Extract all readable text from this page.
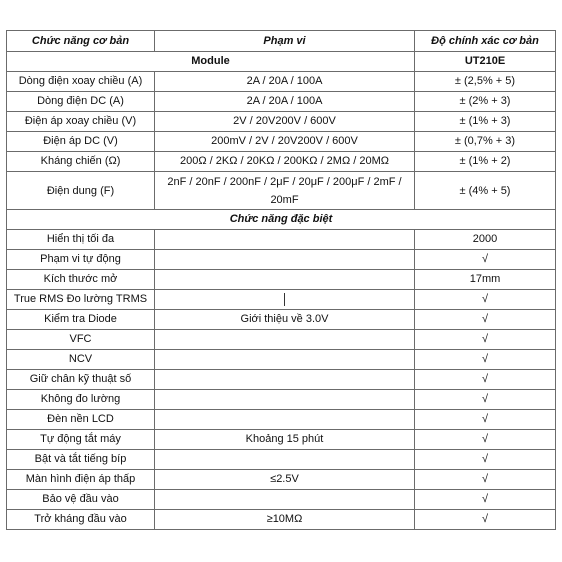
Chức năng cơ bản	Phạm vi	Độ chính xác cơ bản
Module		UT210E
Dòng điện xoay chiều (A)	2A / 20A / 100A	± (2,5% + 5)
Dòng điện DC (A)	2A / 20A / 100A	± (2% + 3)
Điện áp xoay chiều (V)	2V / 20V200V / 600V	± (1% + 3)
Điện áp DC (V)	200mV / 2V / 20V200V / 600V	± (0,7% + 3)
Kháng chiến (Ω)	200Ω / 2KΩ / 20KΩ / 200KΩ / 2MΩ / 20MΩ	± (1% + 2)
Điện dung (F)	2nF / 20nF / 200nF / 2μF / 20μF / 200μF / 2mF / 20mF	± (4% + 5)
Chức năng đặc biệt		
Hiển thị tối đa		2000
Phạm vi tự động		√
Kích thước mở		17mm
True RMS Đo lường TRMS		√
Kiểm tra Diode	Giới thiệu về 3.0V	√
VFC		√
NCV		√
Giữ chân kỹ thuật số		√
Không đo lường		√
Đèn nền LCD		√
Tự động tắt máy	Khoảng 15 phút	√
Bật và tắt tiếng bíp		√
Màn hình điện áp thấp	≤2.5V	√
Bảo vệ đầu vào		√
Trở kháng đầu vào	≥10MΩ	√
